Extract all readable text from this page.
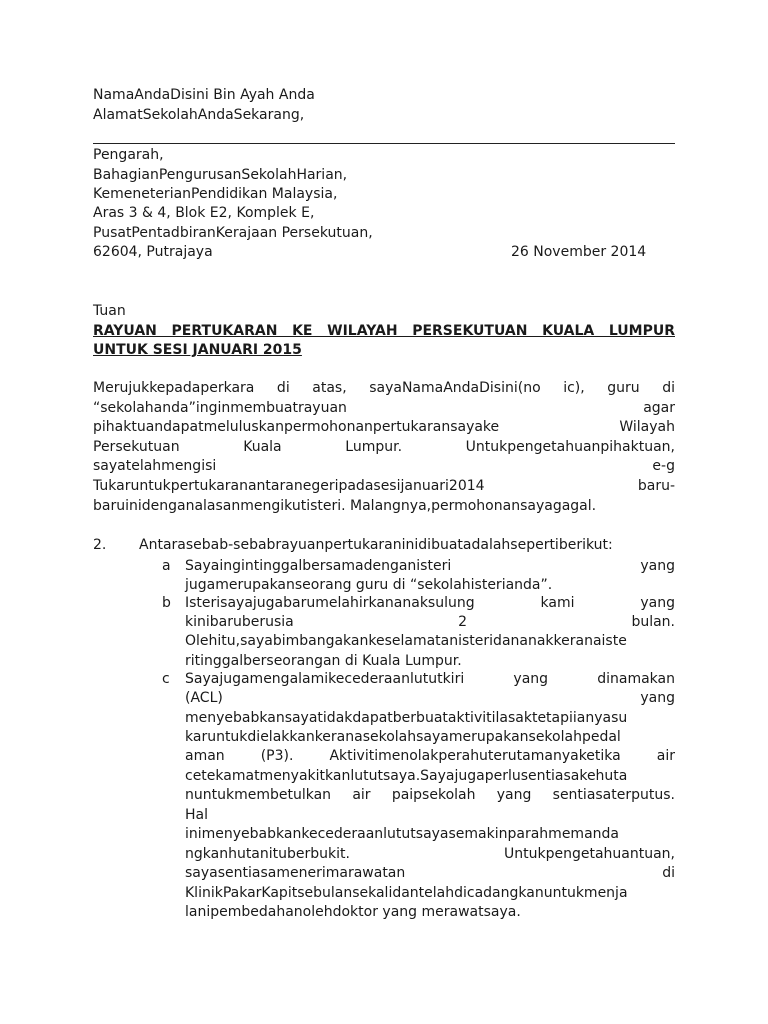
NamaAndaDisini Bin Ayah Anda
AlamatSekolahAndaSekarang,
Pengarah,
BahagianPengurusanSekolahHarian,
KemeneterianPendidikan Malaysia,
Aras 3 & 4, Blok E2, Komplek E,
PusatPentadbiranKerajaan Persekutuan,
62604, Putrajaya	26 November 2014
Tuan
RAYUAN PERTUKARAN KE WILAYAH PERSEKUTUAN KUALA LUMPUR
UNTUK SESI JANUARI 2015
Merujukkepadaperkara di atas, sayaNamaAndaDisini(no ic), guru di
“sekolahanda”inginmembuatrayuan agar
pihaktuandapatmeluluskanpermohonanpertukaransayake Wilayah
Persekutuan Kuala Lumpur. Untukpengetahuanpihaktuan,
sayatelahmengisi e-g
Tukaruntukpertukaranantaranegeripadasesijanuari2014 baru-
baruinidenganalasanmengikutisteri. Malangnya,permohonansayagagal.
2. Antarasebab-sebabrayuanpertukaraninidibuatadalahsepertiberikut:
a Sayaingintinggalbersamadenganisteri yang
jugamerupakanseorang guru di “sekolahisterianda”.
b Isterisayajugabarumelahirkananaksulung kami yang
kinibaruberusia 2 bulan.
Olehitu,sayabimbangakankeselamatanisteridananakkeranaiste
ritinggalberseorangan di Kuala Lumpur.
c Sayajugamengalamikecederaanlututkiri yang dinamakan
(ACL) yang
menyebabkansayatidakdapatberbuataktivitilasaktetapiianyasu
karuntukdielakkankeranasekolahsayamerupakansekolahpedal
aman (P3). Aktivitimenolakperahuterutamanyaketika air
cetekamatmenyakitkanlututsaya.Sayajugaperlusentiasakehuta
nuntukmembetulkan air paipsekolah yang sentiasaterputus.
Hal
inimenyebabkankecederaanlututsayasemakinparahmemanda
ngkanhutanituberbukit. Untukpengetahuantuan,
sayasentiasamenerimarawatan di
KlinikPakarKapitsebulansekalidantelahdicadangkanuntukmenja
lanipembedahanolehdoktor yang merawatsaya.
